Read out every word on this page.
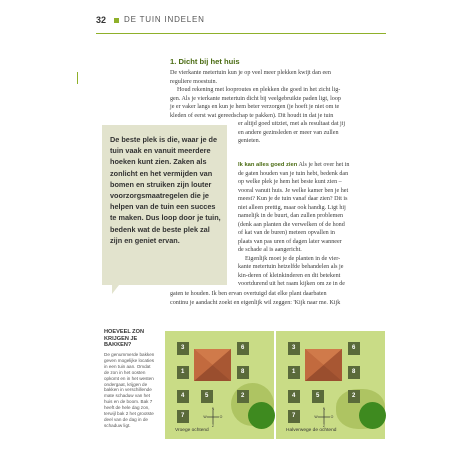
32 DE TUIN INDELEN
1. Dicht bij het huis
De vierkante metertuin kun je op veel meer plekken kwijt dan een
reguliere moestuin.
Houd rekening met looproutes en plekken die goed in het zicht lig-
gen. Als je vierkante metertuin dicht bij veelgebruikte paden ligt, loop
je er vaker langs en kun je hem beter verzorgen (je hoeft je niet om te
kleden of eerst wat gereedschap te pakken). Dit houdt in dat je tuin
er altijd goed uitziet, met als resultaat dat jij
en andere gezinsleden er meer van zullen
genieten.
Ik kan alles goed zien Als je het over het in
de gaten houden van je tuin hebt, bedenk dan
op welke plek je hem het beste kunt zien –
vooral vanuit huis. Je welke kamer ben je het
meest? Kun je de tuin vanaf daar zien? Dit is
niet alleen prettig, maar ook handig. Ligt hij
namelijk in de buurt, dan zullen problemen
(denk aan planten die verwelken of de hond
of kat van de buren) meteen opvallen in
plaats van pas uren of dagen later wanneer
de schade al is aangericht.
Eigenlijk moet je de planten in de vier-
kante metertuin hetzelfde behandelen als je
kin-deren of kleinkinderen en dit betekent
voortdurend uit het raam kijken om ze in de
gaten te houden. Ik ben ervan overtuigd dat elke plant daarbaten
continu je aandacht zoekt en eigenlijk wil zeggen: 'Kijk naar me. Kijk
De beste plek is die, waar je de
tuin vaak en vanuit meerdere
hoeken kunt zien. Zaken als
zonlicht en het vermijden van
bomen en struiken zijn louter
voorzorgsmaatregelen die je
helpen van de tuin een succes
te maken. Dus loop door je tuin,
bedenk wat de beste plek zal
zijn en geniet ervan.
HOEVEEL ZON
KRIJGEN JE
BAKKEN?
De genummerde bakken
geven mogelijke locaties
in een tuin aan. Omdat
de zon in het oosten
opkomt en in het westen
ondergaat, krijgen de
bakken in verschillende
mate schaduw van het
huis en de boom. Bak 7
heeft de hele dag zon,
terwijl bak 2 het grootste
deel van de dag in de
schaduw ligt.
3	6
1	8
4	2
5
7
N
W	O
Z
Vroege ochtend
3	6
1	8
4	2
5
7
N
W	O
Z
Halverwege de ochtend
